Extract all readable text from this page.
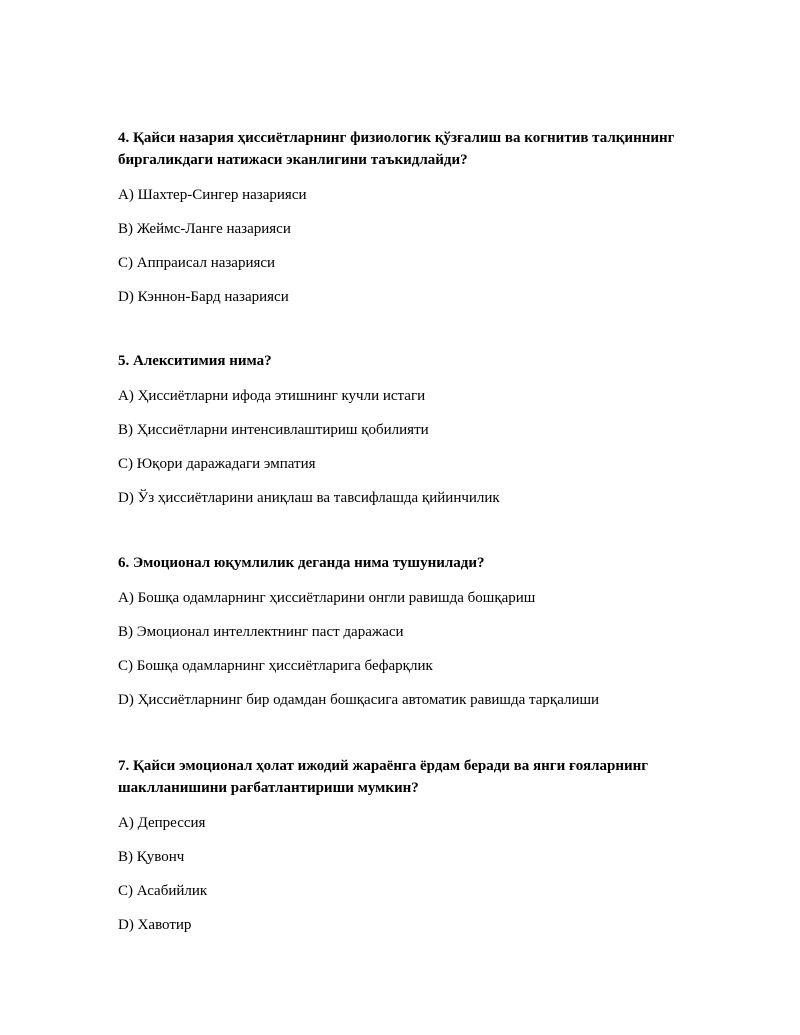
4. Қайси назария ҳиссиётларнинг физиологик қўзғалиш ва когнитив талқиннинг биргаликдаги натижаси эканлигини таъкидлайди?

A) Шахтер-Сингер назарияси

B) Жеймс-Ланге назарияси

C) Аппраисал назарияси

D) Кэннон-Бард назарияси

5. Алекситимия нима?

A) Ҳиссиётларни ифода этишнинг кучли истаги

B) Ҳиссиётларни интенсивлаштириш қобилияти

C) Юқори даражадаги эмпатия

D) Ўз ҳиссиётларини аниқлаш ва тавсифлашда қийинчилик

6. Эмоционал юқумлилик деганда нима тушунилади?

A) Бошқа одамларнинг ҳиссиётларини онгли равишда бошқариш

B) Эмоционал интеллектнинг паст даражаси

C) Бошқа одамларнинг ҳиссиётларига бефарқлик

D) Ҳиссиётларнинг бир одамдан бошқасига автоматик равишда тарқалиши

7. Қайси эмоционал ҳолат ижодий жараёнга ёрдам беради ва янги ғояларнинг шаклланишини рағбатлантириши мумкин?

A) Депрессия

B) Қувонч

C) Асабийлик

D) Хавотир
